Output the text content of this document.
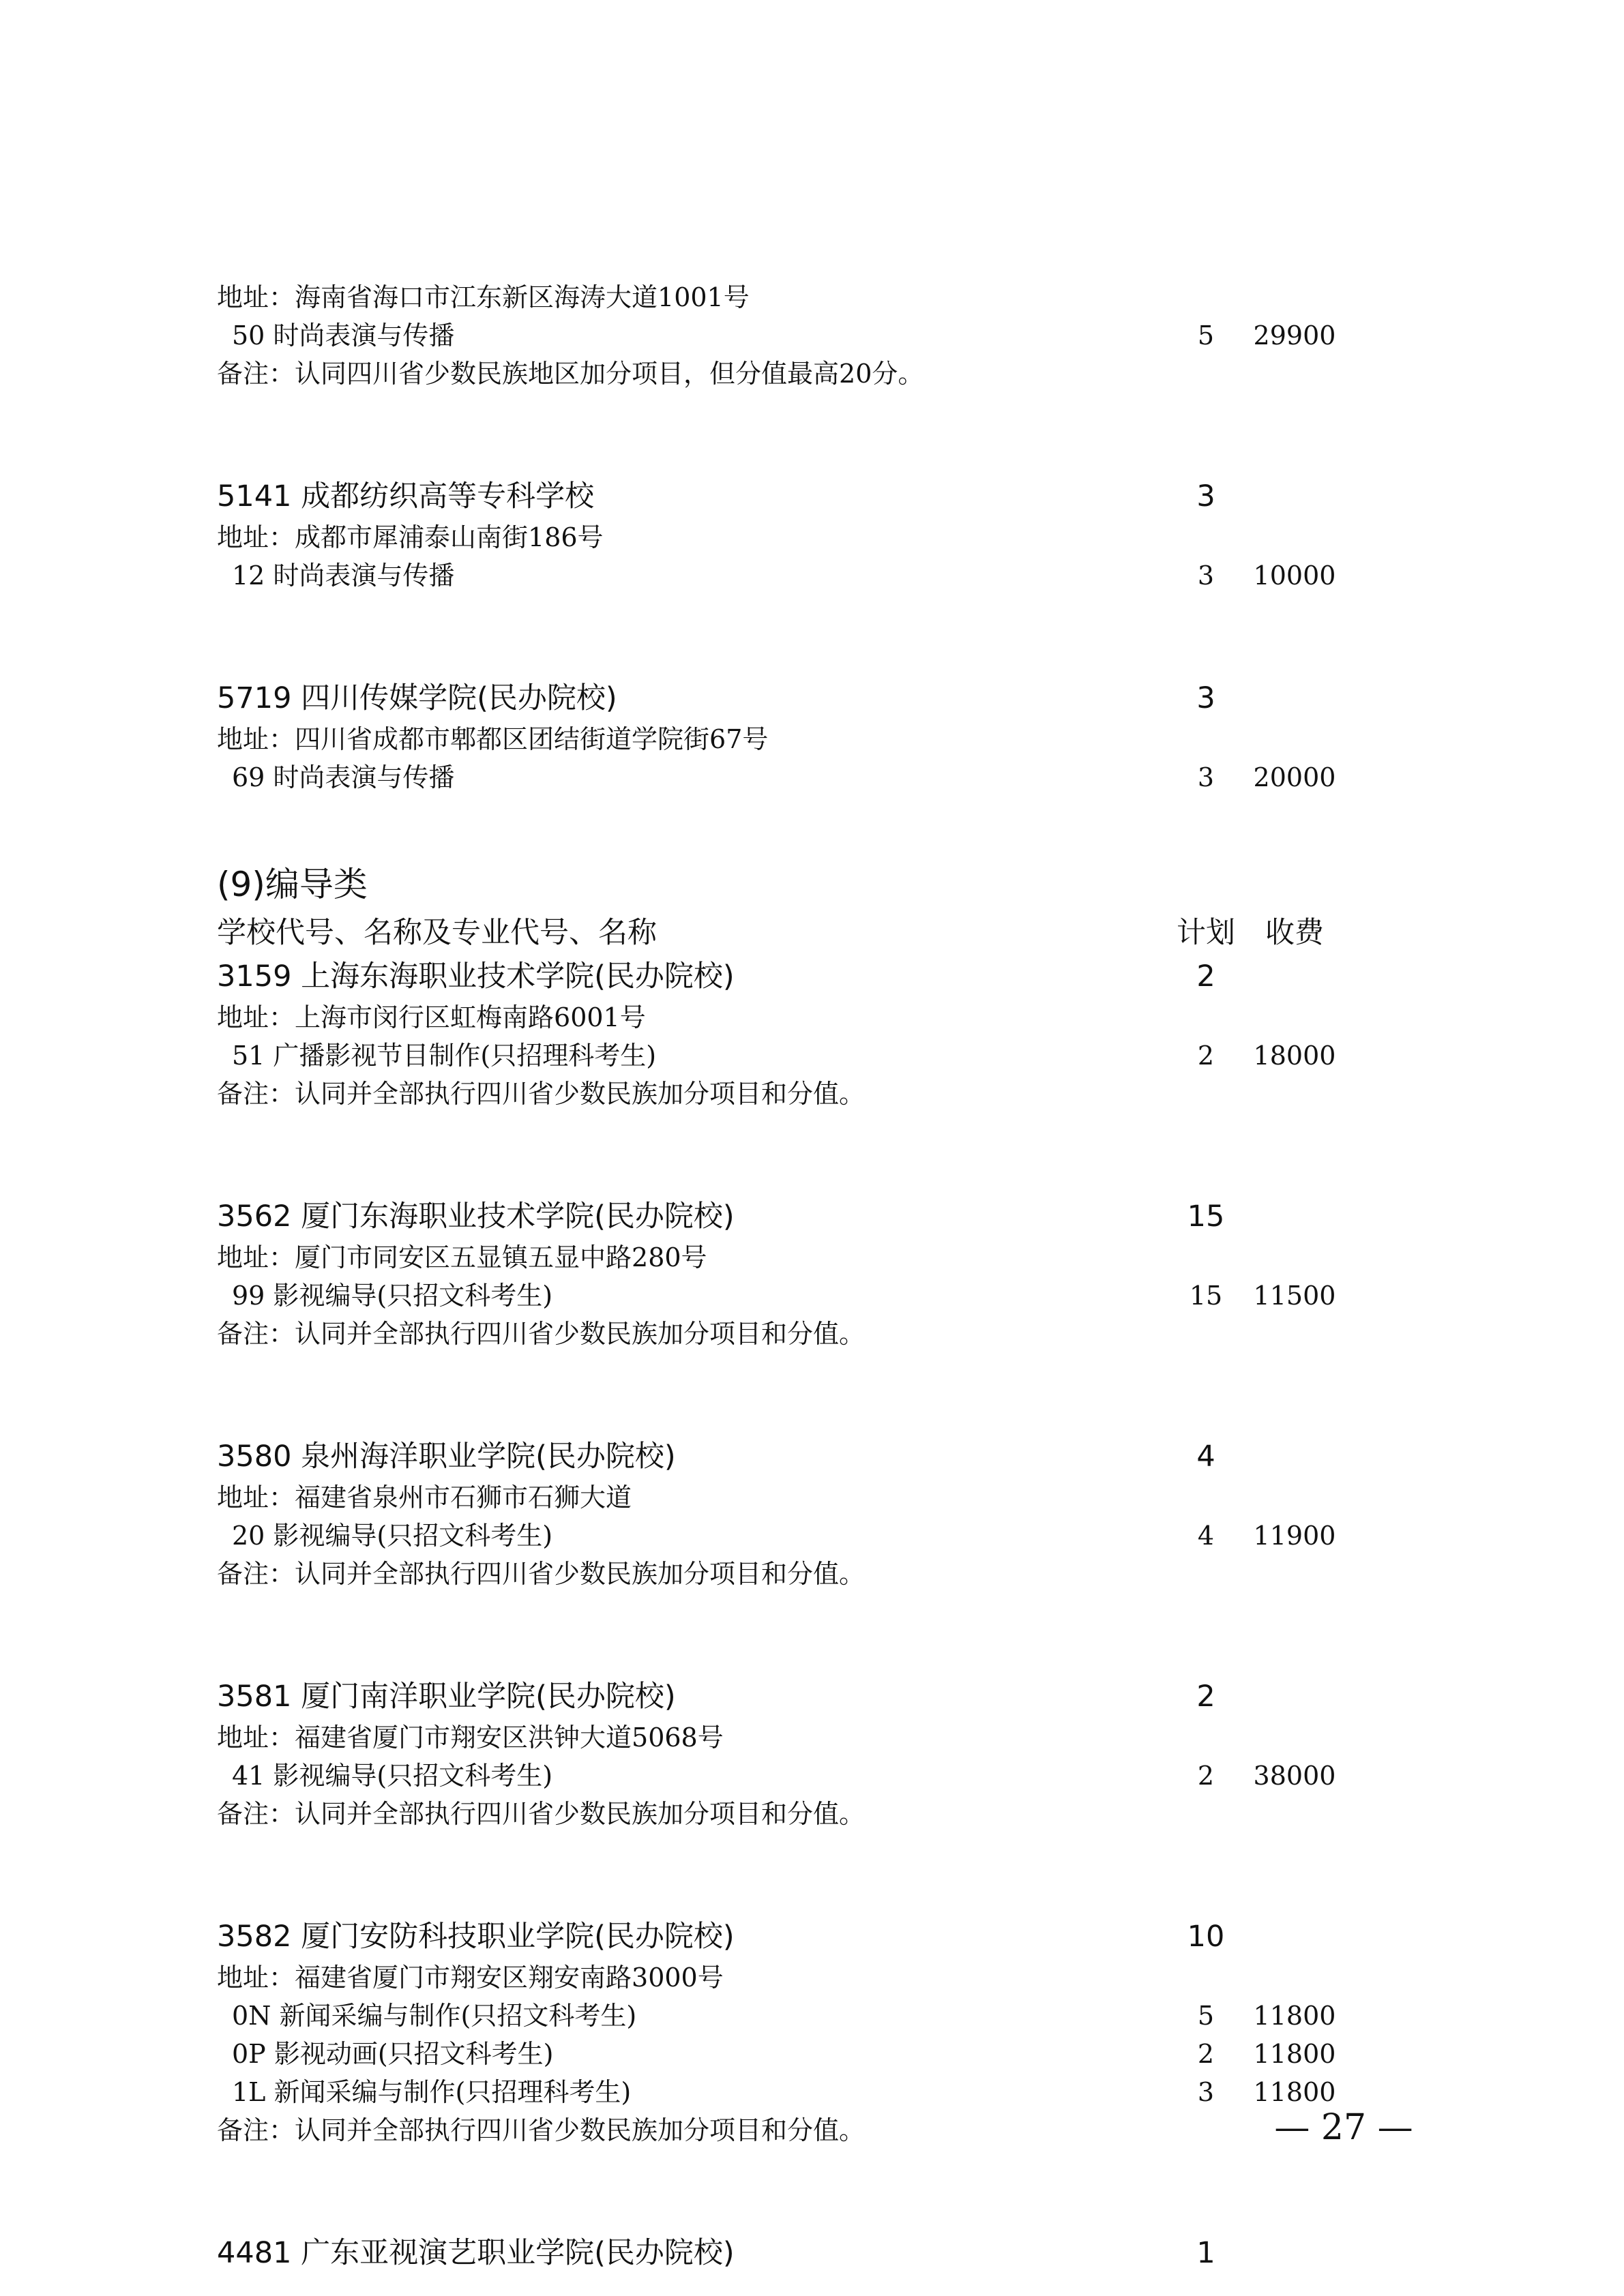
地址：海南省海口市江东新区海涛大道1001号
50 时尚表演与传播	5	29900
备注：认同四川省少数民族地区加分项目，但分值最高20分。
5141 成都纺织高等专科学校	3
地址：成都市犀浦泰山南街186号
12 时尚表演与传播	3	10000
5719 四川传媒学院(民办院校)	3
地址：四川省成都市郫都区团结街道学院街67号
69 时尚表演与传播	3	20000
(9)编导类
学校代号、名称及专业代号、名称	计划	收费
3159 上海东海职业技术学院(民办院校)	2
地址：上海市闵行区虹梅南路6001号
51 广播影视节目制作(只招理科考生)	2	18000
备注：认同并全部执行四川省少数民族加分项目和分值。
3562 厦门东海职业技术学院(民办院校)	15
地址：厦门市同安区五显镇五显中路280号
99 影视编导(只招文科考生)	15	11500
备注：认同并全部执行四川省少数民族加分项目和分值。
3580 泉州海洋职业学院(民办院校)	4
地址：福建省泉州市石狮市石狮大道
20 影视编导(只招文科考生)	4	11900
备注：认同并全部执行四川省少数民族加分项目和分值。
3581 厦门南洋职业学院(民办院校)	2
地址：福建省厦门市翔安区洪钟大道5068号
41 影视编导(只招文科考生)	2	38000
备注：认同并全部执行四川省少数民族加分项目和分值。
3582 厦门安防科技职业学院(民办院校)	10
地址：福建省厦门市翔安区翔安南路3000号
0N 新闻采编与制作(只招文科考生)	5	11800
0P 影视动画(只招文科考生)	2	11800
1L 新闻采编与制作(只招理科考生)	3	11800
备注：认同并全部执行四川省少数民族加分项目和分值。
4481 广东亚视演艺职业学院(民办院校)	1
— 27 —
